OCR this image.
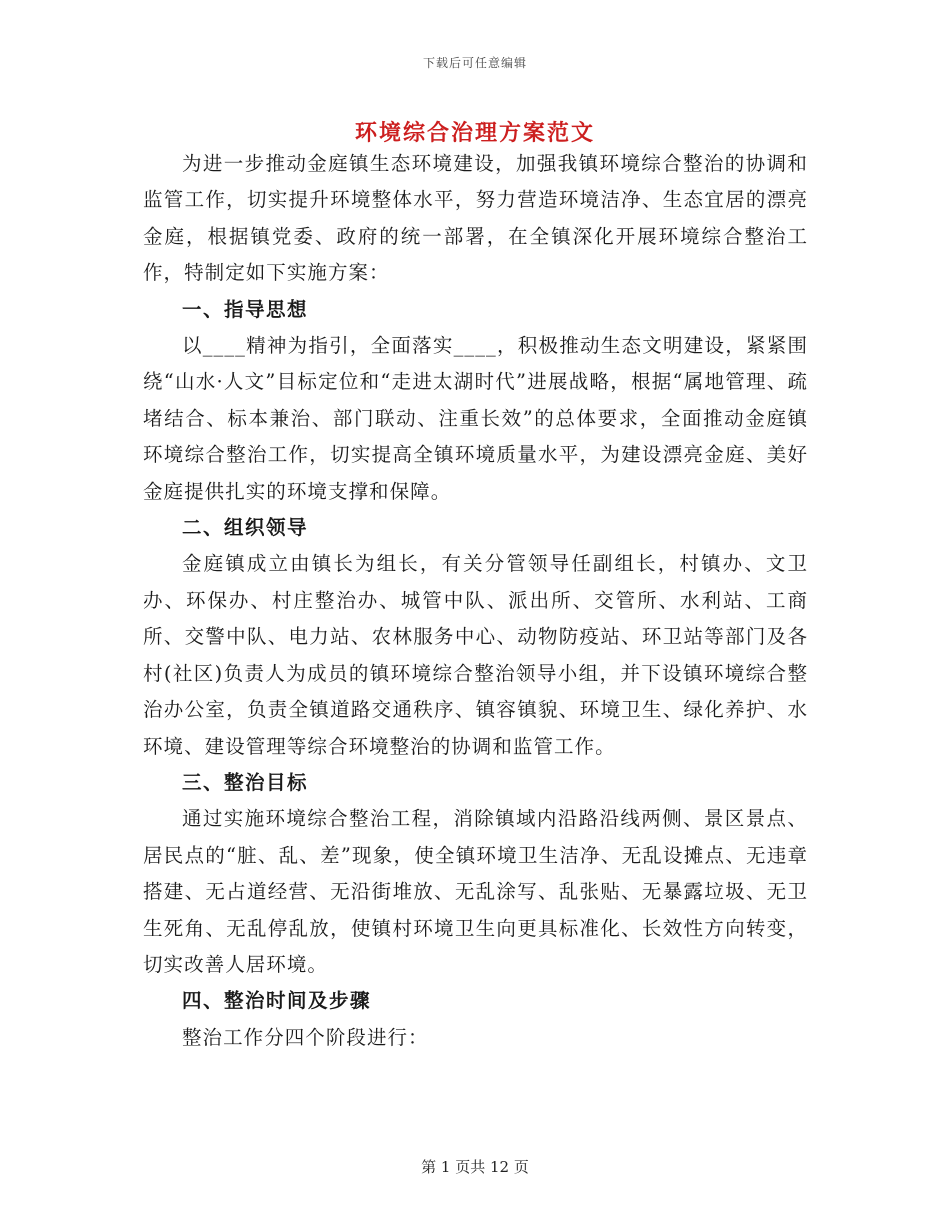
下载后可任意编辑
环境综合治理方案范文

为进一步推动金庭镇生态环境建设，加强我镇环境综合整治的协调和监管工作，切实提升环境整体水平，努力营造环境洁净、生态宜居的漂亮金庭，根据镇党委、政府的统一部署，在全镇深化开展环境综合整治工作，特制定如下实施方案：

一、指导思想

以____精神为指引，全面落实____，积极推动生态文明建设，紧紧围绕“山水·人文”目标定位和“走进太湖时代”进展战略，根据“属地管理、疏堵结合、标本兼治、部门联动、注重长效”的总体要求，全面推动金庭镇环境综合整治工作，切实提高全镇环境质量水平，为建设漂亮金庭、美好金庭提供扎实的环境支撑和保障。

二、组织领导

金庭镇成立由镇长为组长，有关分管领导任副组长，村镇办、文卫办、环保办、村庄整治办、城管中队、派出所、交管所、水利站、工商所、交警中队、电力站、农林服务中心、动物防疫站、环卫站等部门及各村(社区)负责人为成员的镇环境综合整治领导小组，并下设镇环境综合整治办公室，负责全镇道路交通秩序、镇容镇貌、环境卫生、绿化养护、水环境、建设管理等综合环境整治的协调和监管工作。

三、整治目标

通过实施环境综合整治工程，消除镇域内沿路沿线两侧、景区景点、居民点的“脏、乱、差”现象，使全镇环境卫生洁净、无乱设摊点、无违章搭建、无占道经营、无沿街堆放、无乱涂写、乱张贴、无暴露垃圾、无卫生死角、无乱停乱放，使镇村环境卫生向更具标准化、长效性方向转变，切实改善人居环境。

四、整治时间及步骤

整治工作分四个阶段进行：

第 1 页共 12 页
